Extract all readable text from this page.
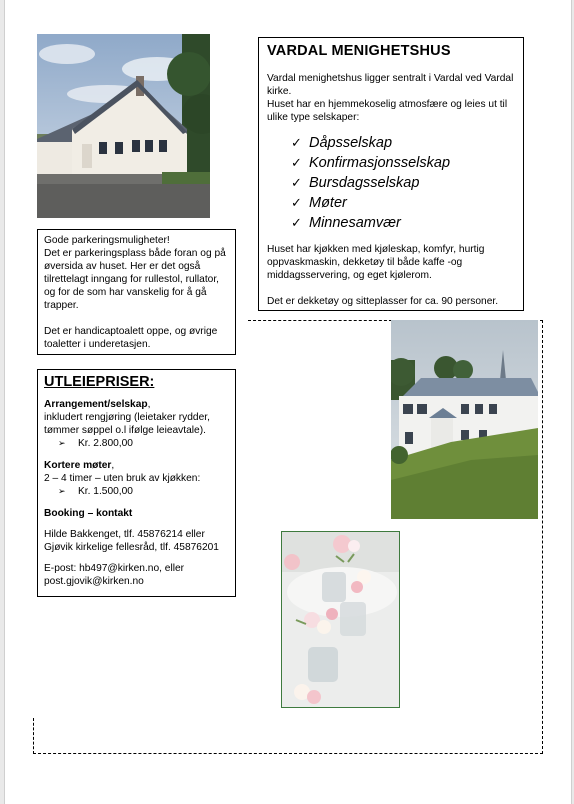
VARDAL MENIGHETSHUS

Vardal menighetshus ligger sentralt i Vardal ved Vardal kirke.

Huset har en hjemmekoselig atmosfære og leies ut til ulike type selskaper:

✓ Dåpsselskap
✓ Konfirmasjonsselskap
✓ Bursdagsselskap
✓ Møter
✓ Minnesamvær

Huset har kjøkken med kjøleskap, komfyr, hurtig oppvaskmaskin, dekketøy til både kaffe -og middagsservering, og eget kjølerom.

Det er dekketøy og sitteplasser for ca. 90 personer.

Gode parkeringsmuligheter!

Det er parkeringsplass både foran og på øversida av huset. Her er det også tilrettelagt inngang for rullestol, rullator, og for de som har vanskelig for å gå trapper.

Det er handicaptoalett oppe, og øvrige toaletter i underetasjen.

UTLEIEPRISER:

Arrangement/selskap,

inkludert rengjøring (leietaker rydder, tømmer søppel o.l ifølge leieavtale).

➢ Kr. 2.800,00

Kortere møter,

2 – 4 timer – uten bruk av kjøkken:

➢ Kr. 1.500,00

Booking – kontakt

Hilde Bakkenget, tlf. 45876214 eller

Gjøvik kirkelige fellesråd, tlf. 45876201

E-post: hb497@kirken.no, eller

post.gjovik@kirken.no
